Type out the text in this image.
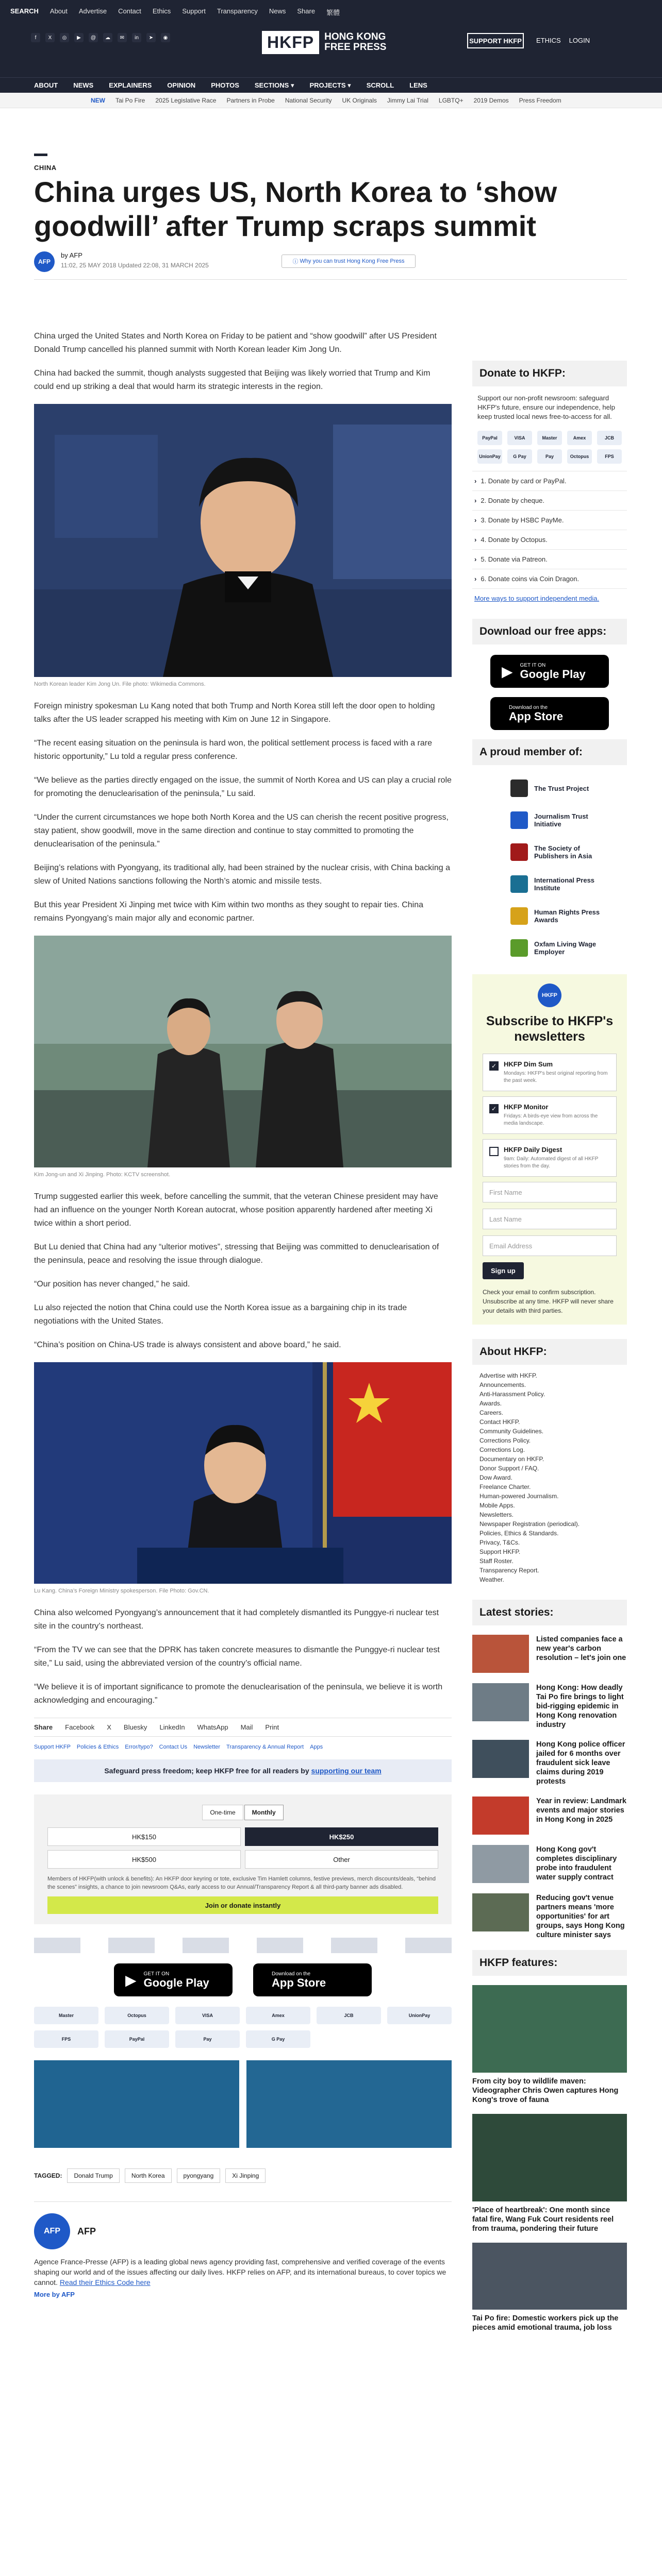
SEARCH About Advertise Contact Ethics Support Transparency News Share 繁體
f	X	◎	▶	@	☁	✉	in	➤	◉	HKFP	HONG KONG FREE PRESS
SUPPORT HKFP	ETHICS LOGIN
ABOUT NEWS EXPLAINERS OPINION PHOTOS SECTIONS ▾ PROJECTS ▾ SCROLL LENS
NEW Tai Po Fire 2025 Legislative Race Partners in Probe National Security UK Originals Jimmy Lai Trial LGBTQ+ 2019 Demos Press Freedom
CHINA
China urges US, North Korea to ‘show goodwill’ after Trump scraps summit
AFP
by AFP
11:02, 25 MAY 2018 Updated 22:08, 31 MARCH 2025	ⓘ Why you can trust Hong Kong Free Press

China urged the United States and North Korea on Friday to be patient and “show goodwill” after US President Donald Trump cancelled his planned summit with North Korean leader Kim Jong Un.

China had backed the summit, though analysts suggested that Beijing was likely worried that Trump and Kim could end up striking a deal that would harm its strategic interests in the region.

North Korean leader Kim Jong Un. File photo: Wikimedia Commons.

Foreign ministry spokesman Lu Kang noted that both Trump and North Korea still left the door open to holding talks after the US leader scrapped his meeting with Kim on June 12 in Singapore.

“The recent easing situation on the peninsula is hard won, the political settlement process is faced with a rare historic opportunity,” Lu told a regular press conference.

“We believe as the parties directly engaged on the issue, the summit of North Korea and US can play a crucial role for promoting the denuclearisation of the peninsula,” Lu said.

“Under the current circumstances we hope both North Korea and the US can cherish the recent positive progress, stay patient, show goodwill, move in the same direction and continue to stay committed to promoting the denuclearisation of the peninsula.”

Beijing’s relations with Pyongyang, its traditional ally, had been strained by the nuclear crisis, with China backing a slew of United Nations sanctions following the North’s atomic and missile tests.

But this year President Xi Jinping met twice with Kim within two months as they sought to repair ties. China remains Pyongyang’s main major ally and economic partner.

Kim Jong-un and Xi Jinping. Photo: KCTV screenshot.

Trump suggested earlier this week, before cancelling the summit, that the veteran Chinese president may have had an influence on the younger North Korean autocrat, whose position apparently hardened after meeting Xi twice within a short period.

But Lu denied that China had any “ulterior motives”, stressing that Beijing was committed to denuclearisation of the peninsula, peace and resolving the issue through dialogue.

“Our position has never changed,” he said.

Lu also rejected the notion that China could use the North Korea issue as a bargaining chip in its trade negotiations with the United States.

“China’s position on China-US trade is always consistent and above board,” he said.

Lu Kang. China’s Foreign Ministry spokesperson. File Photo: Gov.CN.

China also welcomed Pyongyang’s announcement that it had completely dismantled its Punggye-ri nuclear test site in the country’s northeast.

“From the TV we can see that the DPRK has taken concrete measures to dismantle the Punggye-ri nuclear test site,” Lu said, using the abbreviated version of the country’s official name.

“We believe it is of important significance to promote the denuclearisation of the peninsula, we believe it is worth acknowledging and encouraging.”

Share Facebook X Bluesky LinkedIn WhatsApp Mail Print
Support HKFP Policies & Ethics Error/typo? Contact Us Newsletter Transparency & Annual Report Apps
Safeguard press freedom; keep HKFP free for all readers by supporting our team
One-time	Monthly
HK$150	HK$250
HK$500	Other
Members of HKFP(with unlock & benefits): An HKFP door keyring or tote, exclusive Tim Hamlett columns, festive previews, merch discounts/deals, “behind the scenes” insights, a chance to join newsroom Q&As, early access to our Annual/Transparency Report & all third-party banner ads disabled.
Join or donate instantly
▶ GET IT ON
Google Play
Download on the
App Store
Master	Octopus	VISA	Amex	JCB	UnionPay
FPS	PayPal	Pay	G Pay
TAGGED:	Donald Trump	North Korea	pyongyang	Xi Jinping
AFP	AFP

Agence France-Presse (AFP) is a leading global news agency providing fast, comprehensive and verified coverage of the events shaping our world and of the issues affecting our daily lives. HKFP relies on AFP, and its international bureaus, to cover topics we cannot. Read their Ethics Code here

More by AFP
Donate to HKFP:
Support our non-profit newsroom: safeguard HKFP's future, ensure our independence, help keep trusted local news free-to-access for all.
PayPal	VISA	Master	Amex	JCB
UnionPay	G Pay	Pay	Octopus	FPS
› 1. Donate by card or PayPal.
› 2. Donate by cheque.
› 3. Donate by HSBC PayMe.
› 4. Donate by Octopus.
› 5. Donate via Patreon.
› 6. Donate coins via Coin Dragon.
More ways to support independent media.
Download our free apps:
▶ GET IT ON
Google Play
Download on the
App Store
A proud member of:
The Trust Project
Journalism Trust Initiative
The Society of Publishers in Asia
International Press Institute
Human Rights Press Awards
Oxfam Living Wage Employer
HKFP
Subscribe to HKFP's newsletters
✓	HKFP Dim Sum
Mondays: HKFP's best original reporting from the past week.
✓	HKFP Monitor
Fridays: A birds-eye view from across the media landscape.
HKFP Daily Digest
9am: Daily: Automated digest of all HKFP stories from the day.
First Name
Last Name
Email Address
Sign up
Check your email to confirm subscription. Unsubscribe at any time. HKFP will never share your details with third parties.
About HKFP:
Advertise with HKFP.
Announcements.
Anti-Harassment Policy.
Awards.
Careers.
Contact HKFP.
Community Guidelines.
Corrections Policy.
Corrections Log.
Documentary on HKFP.
Donor Support / FAQ.
Dow Award.
Freelance Charter.
Human-powered Journalism.
Mobile Apps.
Newsletters.
Newspaper Registration (periodical).
Policies, Ethics & Standards.
Privacy, T&Cs.
Support HKFP.
Staff Roster.
Transparency Report.
Weather.
Latest stories:
Listed companies face a new year's carbon resolution – let's join one
Hong Kong: How deadly Tai Po fire brings to light bid-rigging epidemic in Hong Kong renovation industry
Hong Kong police officer jailed for 6 months over fraudulent sick leave claims during 2019 protests
Year in review: Landmark events and major stories in Hong Kong in 2025
Hong Kong gov't completes disciplinary probe into fraudulent water supply contract
Reducing gov't venue partners means 'more opportunities' for art groups, says Hong Kong culture minister says
HKFP features:
From city boy to wildlife maven: Videographer Chris Owen captures Hong Kong's trove of fauna
'Place of heartbreak': One month since fatal fire, Wang Fuk Court residents reel from trauma, pondering their future
Tai Po fire: Domestic workers pick up the pieces amid emotional trauma, job loss
